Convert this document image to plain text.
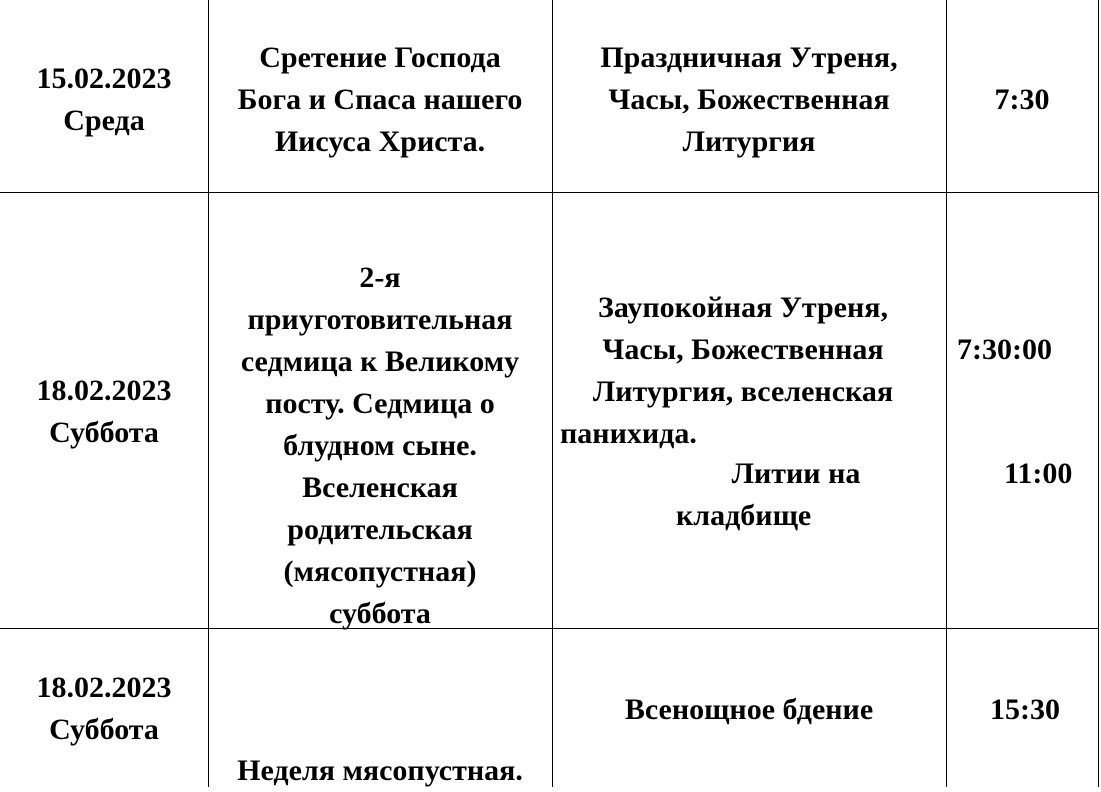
15.02.2023
Среда
Сретение Господа
Бога и Спаса нашего
Иисуса Христа.
Праздничная Утреня,
Часы, Божественная
Литургия
7:30
18.02.2023
Суббота
2-я
приуготовительная
седмица к Великому
посту. Седмица о
блудном сыне.
Вселенская
родительская
(мясопустная)
суббота
Заупокойная Утреня,
Часы, Божественная
Литургия, вселенская
панихида.
Литии на
кладбище
7:30:00
11:00
18.02.2023
Суббота
Неделя мясопустная.
Всенощное бдение	15:30
